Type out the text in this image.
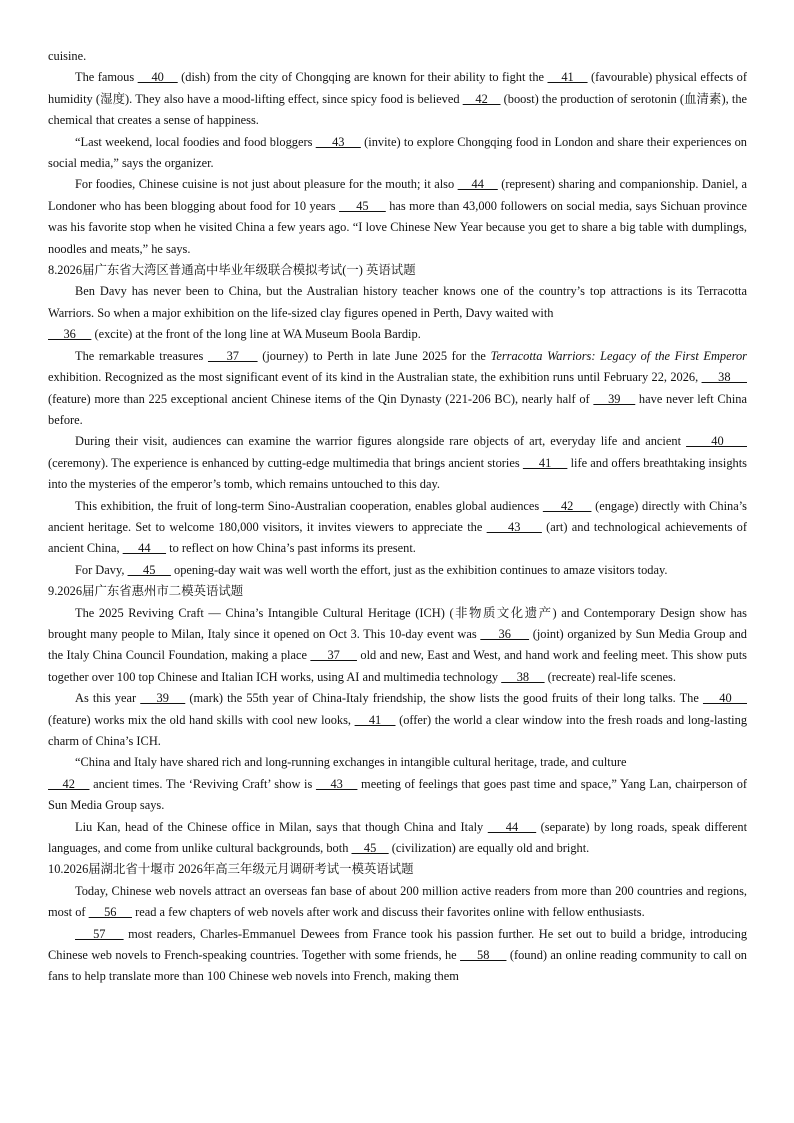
cuisine.

The famous     40     (dish) from the city of Chongqing are known for their ability to fight the     41     (favourable) physical effects of humidity (湿度). They also have a mood-lifting effect, since spicy food is believed     42     (boost) the production of serotonin (血清素), the chemical that creates a sense of happiness.

“Last weekend, local foodies and food bloggers      43      (invite) to explore Chongqing food in London and share their experiences on social media,” says the organizer.

For foodies, Chinese cuisine is not just about pleasure for the mouth; it also     44     (represent) sharing and companionship. Daniel, a Londoner who has been blogging about food for 10 years      45      has more than 43,000 followers on social media, says Sichuan province was his favorite stop when he visited China a few years ago. “I love Chinese New Year because you get to share a big table with dumplings, noodles and meats,” he says.

8.2026届广东省大湾区普通高中毕业年级联合模拟考试(一) 英语试题

Ben Davy has never been to China, but the Australian history teacher knows one of the country’s top attractions is its Terracotta Warriors. So when a major exhibition on the life-sized clay figures opened in Perth, Davy waited with

36      (excite) at the front of the long line at WA Museum Boola Bardip.

The remarkable treasures     37     (journey) to Perth in late June 2025 for the Terracotta Warriors: Legacy of the First Emperor exhibition. Recognized as the most significant event of its kind in the Australian state, the exhibition runs until February 22, 2026,      38      (feature) more than 225 exceptional ancient Chinese items of the Qin Dynasty (221-206 BC), nearly half of     39     have never left China before.

During their visit, audiences can examine the warrior figures alongside rare objects of art, everyday life and ancient      40      (ceremony). The experience is enhanced by cutting-edge multimedia that brings ancient stories      41      life and offers breathtaking insights into the mysteries of the emperor’s tomb, which remains untouched to this day.

This exhibition, the fruit of long-term Sino-Australian cooperation, enables global audiences      42      (engage) directly with China’s ancient heritage. Set to welcome 180,000 visitors, it invites viewers to appreciate the      43      (art) and technological achievements of ancient China,      44      to reflect on how China’s past informs its present.

For Davy,      45      opening-day wait was well worth the effort, just as the exhibition continues to amaze visitors today.

9.2026届广东省惠州市二模英语试题

The 2025 Reviving Craft — China’s Intangible Cultural Heritage (ICH) (非物质文化遗产) and Contemporary Design show has brought many people to Milan, Italy since it opened on Oct 3. This 10-day event was      36      (joint) organized by Sun Media Group and the Italy China Council Foundation, making a place      37      old and new, East and West, and hand work and feeling meet. This show puts together over 100 top Chinese and Italian ICH works, using AI and multimedia technology      38      (recreate) real-life scenes.

As this year     39     (mark) the 55th year of China-Italy friendship, the show lists the good fruits of their long talks. The     40     (feature) works mix the old hand skills with cool new looks,     41     (offer) the world a clear window into the fresh roads and long-lasting charm of China’s ICH.

“China and Italy have shared rich and long-running exchanges in intangible cultural heritage, trade, and culture

42     ancient times. The ‘Reviving Craft’ show is     43     meeting of feelings that goes past time and space,” Yang Lan, chairperson of Sun Media Group says.

Liu Kan, head of the Chinese office in Milan, says that though China and Italy     44     (separate) by long roads, speak different languages, and come from unlike cultural backgrounds, both     45     (civilization) are equally old and bright.

10.2026届湖北省十堰市 2026年高三年级元月调研考试一模英语试题

Today, Chinese web novels attract an overseas fan base of about 200 million active readers from more than 200 countries and regions, most of      56      read a few chapters of web novels after work and discuss their favorites online with fellow enthusiasts.

57     most readers, Charles-Emmanuel Dewees from France took his passion further. He set out to build a bridge, introducing Chinese web novels to French-speaking countries. Together with some friends, he      58      (found) an online reading community to call on fans to help translate more than 100 Chinese web novels into French, making them
